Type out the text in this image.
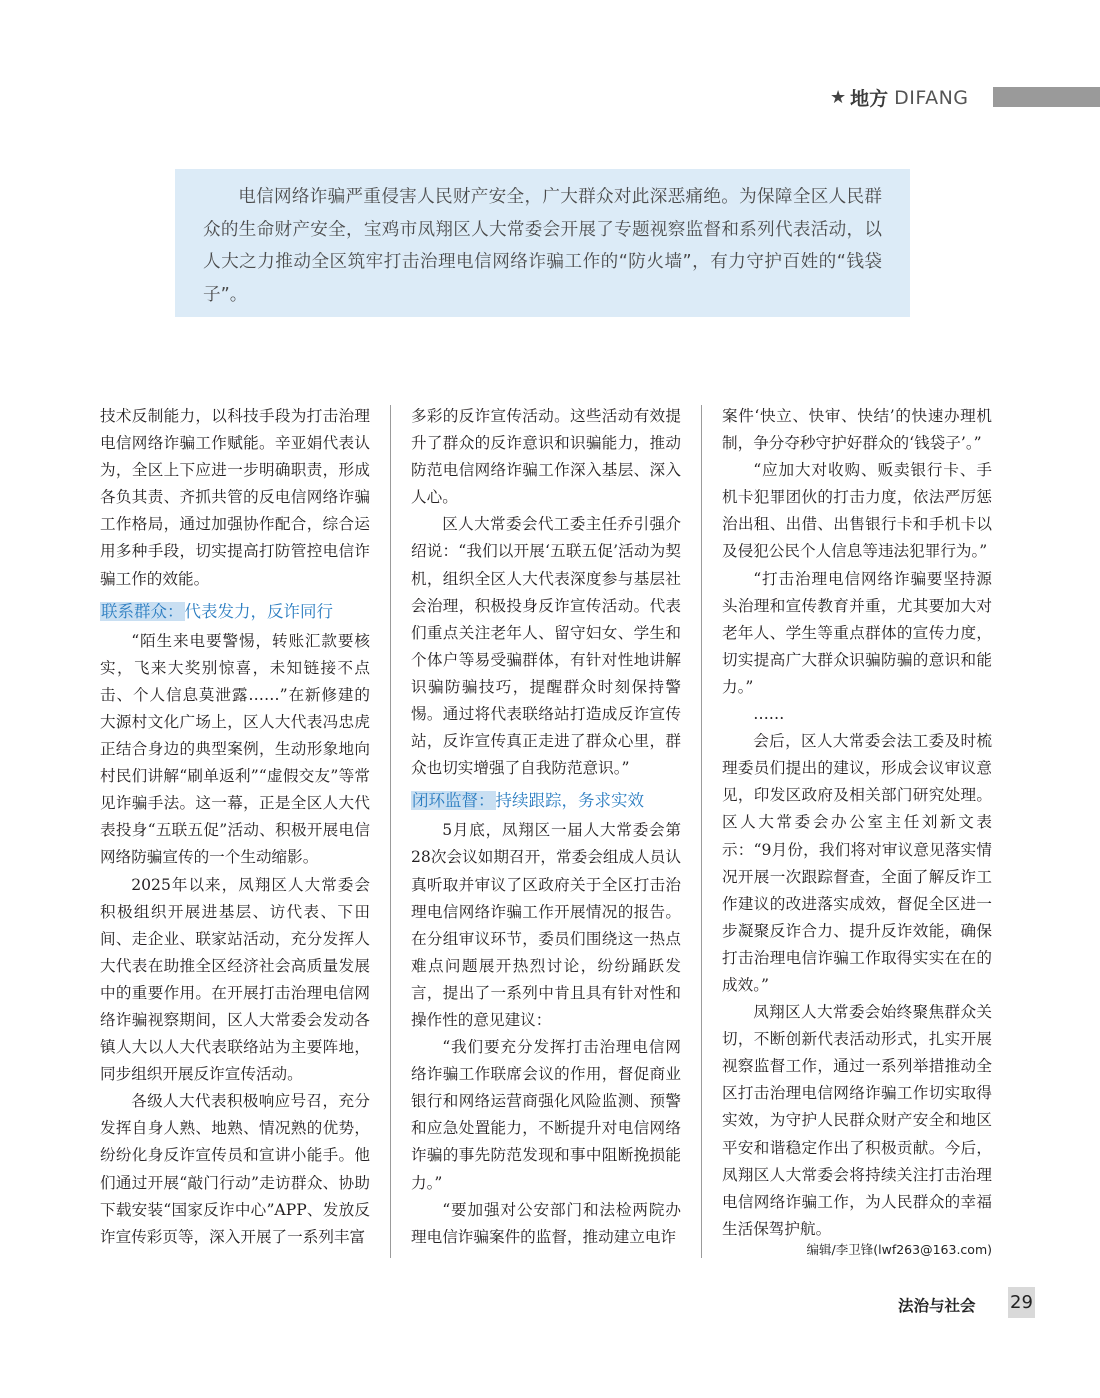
★ 地方 DIFANG

电信网络诈骗严重侵害人民财产安全，广大群众对此深恶痛绝。为保障全区人民群众的生命财产安全，宝鸡市凤翔区人大常委会开展了专题视察监督和系列代表活动，以人大之力推动全区筑牢打击治理电信网络诈骗工作的“防火墙”，有力守护百姓的“钱袋子”。

技术反制能力，以科技手段为打击治理电信网络诈骗工作赋能。辛亚娟代表认为，全区上下应进一步明确职责，形成各负其责、齐抓共管的反电信网络诈骗工作格局，通过加强协作配合，综合运用多种手段，切实提高打防管控电信诈骗工作的效能。

联系群众：代表发力，反诈同行

“陌生来电要警惕，转账汇款要核实，飞来大奖别惊喜，未知链接不点击、个人信息莫泄露……”在新修建的大源村文化广场上，区人大代表冯忠虎正结合身边的典型案例，生动形象地向村民们讲解“刷单返利”“虚假交友”等常见诈骗手法。这一幕，正是全区人大代表投身“五联五促”活动、积极开展电信网络防骗宣传的一个生动缩影。

2025年以来，凤翔区人大常委会积极组织开展进基层、访代表、下田间、走企业、联家站活动，充分发挥人大代表在助推全区经济社会高质量发展中的重要作用。在开展打击治理电信网络诈骗视察期间，区人大常委会发动各镇人大以人大代表联络站为主要阵地，同步组织开展反诈宣传活动。

各级人大代表积极响应号召，充分发挥自身人熟、地熟、情况熟的优势，纷纷化身反诈宣传员和宣讲小能手。他们通过开展“敲门行动”走访群众、协助下载安装“国家反诈中心”APP、发放反诈宣传彩页等，深入开展了一系列丰富

多彩的反诈宣传活动。这些活动有效提升了群众的反诈意识和识骗能力，推动防范电信网络诈骗工作深入基层、深入人心。

区人大常委会代工委主任乔引强介绍说：“我们以开展‘五联五促’活动为契机，组织全区人大代表深度参与基层社会治理，积极投身反诈宣传活动。代表们重点关注老年人、留守妇女、学生和个体户等易受骗群体，有针对性地讲解识骗防骗技巧，提醒群众时刻保持警惕。通过将代表联络站打造成反诈宣传站，反诈宣传真正走进了群众心里，群众也切实增强了自我防范意识。”

闭环监督：持续跟踪，务求实效

5月底，凤翔区一届人大常委会第28次会议如期召开，常委会组成人员认真听取并审议了区政府关于全区打击治理电信网络诈骗工作开展情况的报告。在分组审议环节，委员们围绕这一热点难点问题展开热烈讨论，纷纷踊跃发言，提出了一系列中肯且具有针对性和操作性的意见建议：

“我们要充分发挥打击治理电信网络诈骗工作联席会议的作用，督促商业银行和网络运营商强化风险监测、预警和应急处置能力，不断提升对电信网络诈骗的事先防范发现和事中阻断挽损能力。”

“要加强对公安部门和法检两院办理电信诈骗案件的监督，推动建立电诈

案件‘快立、快审、快结’的快速办理机制，争分夺秒守护好群众的‘钱袋子’。”

“应加大对收购、贩卖银行卡、手机卡犯罪团伙的打击力度，依法严厉惩治出租、出借、出售银行卡和手机卡以及侵犯公民个人信息等违法犯罪行为。”

“打击治理电信网络诈骗要坚持源头治理和宣传教育并重，尤其要加大对老年人、学生等重点群体的宣传力度，切实提高广大群众识骗防骗的意识和能力。”

……

会后，区人大常委会法工委及时梳理委员们提出的建议，形成会议审议意见，印发区政府及相关部门研究处理。区人大常委会办公室主任刘新文表示：“9月份，我们将对审议意见落实情况开展一次跟踪督查，全面了解反诈工作建议的改进落实成效，督促全区进一步凝聚反诈合力、提升反诈效能，确保打击治理电信诈骗工作取得实实在在的成效。”

凤翔区人大常委会始终聚焦群众关切，不断创新代表活动形式，扎实开展视察监督工作，通过一系列举措推动全区打击治理电信网络诈骗工作切实取得实效，为守护人民群众财产安全和地区平安和谐稳定作出了积极贡献。今后，凤翔区人大常委会将持续关注打击治理电信网络诈骗工作，为人民群众的幸福生活保驾护航。

编辑/李卫锋(lwf263@163.com)
法治与社会 29
